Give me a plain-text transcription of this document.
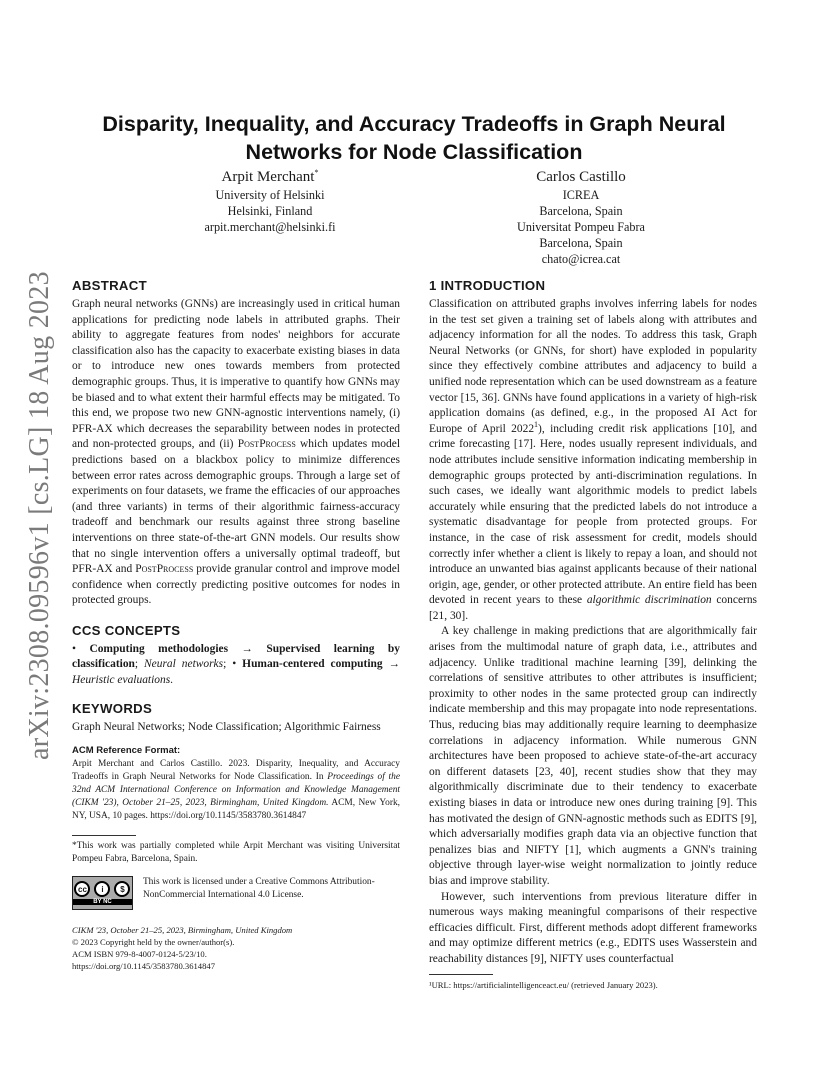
arXiv:2308.09596v1 [cs.LG] 18 Aug 2023
Disparity, Inequality, and Accuracy Tradeoffs in Graph Neural
Networks for Node Classification
Arpit Merchant*
University of Helsinki
Helsinki, Finland
arpit.merchant@helsinki.fi
Carlos Castillo
ICREA
Barcelona, Spain
Universitat Pompeu Fabra
Barcelona, Spain
chato@icrea.cat
ABSTRACT

Graph neural networks (GNNs) are increasingly used in critical human applications for predicting node labels in attributed graphs. Their ability to aggregate features from nodes' neighbors for accurate classification also has the capacity to exacerbate existing biases in data or to introduce new ones towards members from protected demographic groups. Thus, it is imperative to quantify how GNNs may be biased and to what extent their harmful effects may be mitigated. To this end, we propose two new GNN-agnostic interventions namely, (i) PFR-AX which decreases the separability between nodes in protected and non-protected groups, and (ii) PostProcess which updates model predictions based on a blackbox policy to minimize differences between error rates across demographic groups. Through a large set of experiments on four datasets, we frame the efficacies of our approaches (and three variants) in terms of their algorithmic fairness-accuracy tradeoff and benchmark our results against three strong baseline interventions on three state-of-the-art GNN models. Our results show that no single intervention offers a universally optimal tradeoff, but PFR-AX and PostProcess provide granular control and improve model confidence when correctly predicting positive outcomes for nodes in protected groups.

CCS CONCEPTS

• Computing methodologies → Supervised learning by classification; Neural networks; • Human-centered computing → Heuristic evaluations.

KEYWORDS

Graph Neural Networks; Node Classification; Algorithmic Fairness

ACM Reference Format:

Arpit Merchant and Carlos Castillo. 2023. Disparity, Inequality, and Accuracy Tradeoffs in Graph Neural Networks for Node Classification. In Proceedings of the 32nd ACM International Conference on Information and Knowledge Management (CIKM '23), October 21–25, 2023, Birmingham, United Kingdom. ACM, New York, NY, USA, 10 pages. https://doi.org/10.1145/3583780.3614847

*This work was partially completed while Arpit Merchant was visiting Universitat Pompeu Fabra, Barcelona, Spain.

cc	i	$
BY NC
This work is licensed under a Creative Commons Attribution-NonCommercial International 4.0 License.
CIKM '23, October 21–25, 2023, Birmingham, United Kingdom
© 2023 Copyright held by the owner/author(s).
ACM ISBN 979-8-4007-0124-5/23/10.
https://doi.org/10.1145/3583780.3614847
1 INTRODUCTION

Classification on attributed graphs involves inferring labels for nodes in the test set given a training set of labels along with attributes and adjacency information for all the nodes. To address this task, Graph Neural Networks (or GNNs, for short) have exploded in popularity since they effectively combine attributes and adjacency to build a unified node representation which can be used downstream as a feature vector [15, 36]. GNNs have found applications in a variety of high-risk application domains (as defined, e.g., in the proposed AI Act for Europe of April 2022$^1$), including credit risk applications [10], and crime forecasting [17]. Here, nodes usually represent individuals, and node attributes include sensitive information indicating membership in demographic groups protected by anti-discrimination regulations. In such cases, we ideally want algorithmic models to predict labels accurately while ensuring that the predicted labels do not introduce a systematic disadvantage for people from protected groups. For instance, in the case of risk assessment for credit, models should correctly infer whether a client is likely to repay a loan, and should not introduce an unwanted bias against applicants because of their national origin, age, gender, or other protected attribute. An entire field has been devoted in recent years to these algorithmic discrimination concerns [21, 30].

A key challenge in making predictions that are algorithmically fair arises from the multimodal nature of graph data, i.e., attributes and adjacency. Unlike traditional machine learning [39], delinking the correlations of sensitive attributes to other attributes is insufficient; proximity to other nodes in the same protected group can indirectly indicate membership and this may propagate into node representations. Thus, reducing bias may additionally require learning to deemphasize correlations in adjacency information. While numerous GNN architectures have been proposed to achieve state-of-the-art accuracy on different datasets [23, 40], recent studies show that they may algorithmically discriminate due to their tendency to exacerbate existing biases in data or introduce new ones during training [9]. This has motivated the design of GNN-agnostic methods such as EDITS [9], which adversarially modifies graph data via an objective function that penalizes bias and NIFTY [1], which augments a GNN's training objective through layer-wise weight normalization to jointly reduce bias and improve stability.

However, such interventions from previous literature differ in numerous ways making meaningful comparisons of their respective efficacies difficult. First, different methods adopt different frameworks and may optimize different metrics (e.g., EDITS uses Wasserstein and reachability distances [9], NIFTY uses counterfactual

¹URL: https://artificialintelligenceact.eu/ (retrieved January 2023).
